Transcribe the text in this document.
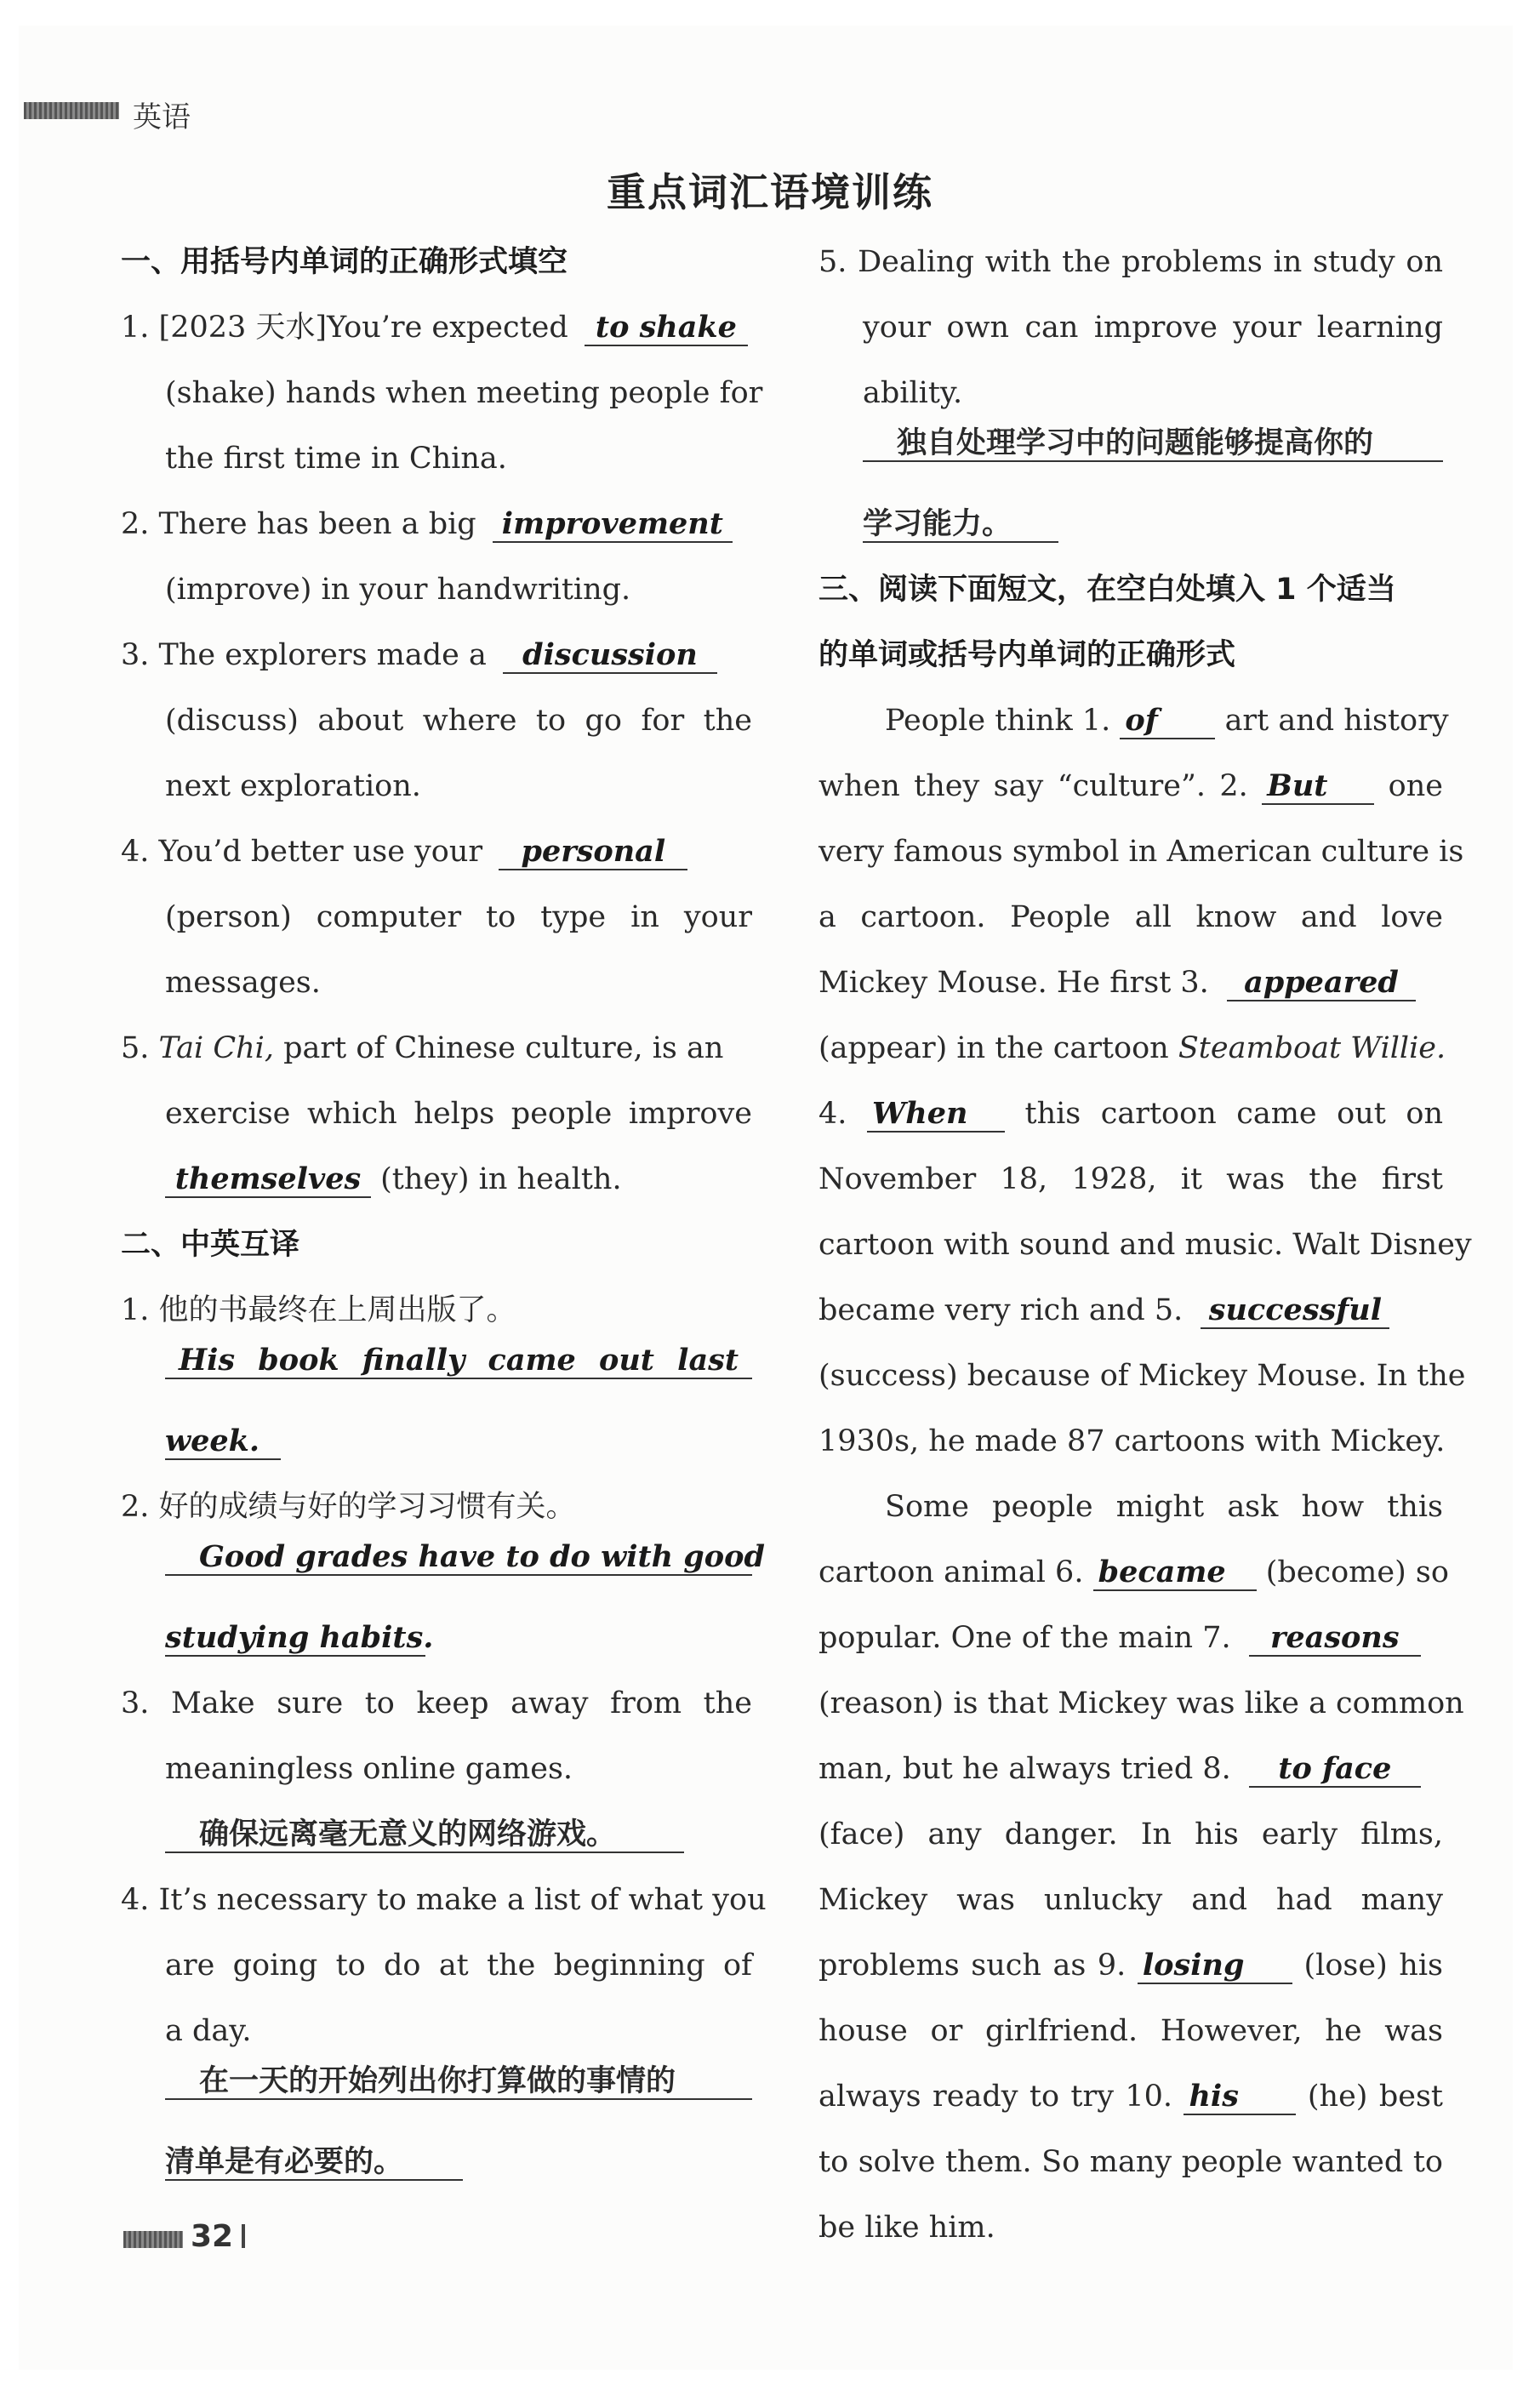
英语
重点词汇语境训练
一、用括号内单词的正确形式填空
1. [2023 天水]You’re expected to shake
(shake) hands when meeting people for
the first time in China.
2. There has been a big improvement
(improve) in your handwriting.
3. The explorers made a discussion
(discuss) about where to go for the
next exploration.
4. You’d better use your personal
(person) computer to type in your
messages.
5. Tai Chi, part of Chinese culture, is an
exercise which helps people improve
themselves (they) in health.
二、中英互译
1. 他的书最终在上周出版了。
His book finally came out last
week.
2. 好的成绩与好的学习习惯有关。
Good grades have to do with good
studying habits.
3. Make sure to keep away from the
meaningless online games.
确保远离毫无意义的网络游戏。
4. It’s necessary to make a list of what you
are going to do at the beginning of
a day.
在一天的开始列出你打算做的事情的
清单是有必要的。
5. Dealing with the problems in study on
your own can improve your learning
ability.
独自处理学习中的问题能够提高你的
学习能力。
三、阅读下面短文，在空白处填入 1 个适当
的单词或括号内单词的正确形式
People think 1. of art and history
when they say “culture”. 2. But one
very famous symbol in American culture is
a cartoon. People all know and love
Mickey Mouse. He first 3. appeared
(appear) in the cartoon Steamboat Willie.
4. When this cartoon came out on
November 18, 1928, it was the first
cartoon with sound and music. Walt Disney
became very rich and 5. successful
(success) because of Mickey Mouse. In the
1930s, he made 87 cartoons with Mickey.
Some people might ask how this
cartoon animal 6. became (become) so
popular. One of the main 7. reasons
(reason) is that Mickey was like a common
man, but he always tried 8. to face
(face) any danger. In his early films,
Mickey was unlucky and had many
problems such as 9. losing (lose) his
house or girlfriend. However, he was
always ready to try 10. his (he) best
to solve them. So many people wanted to
be like him.
32
